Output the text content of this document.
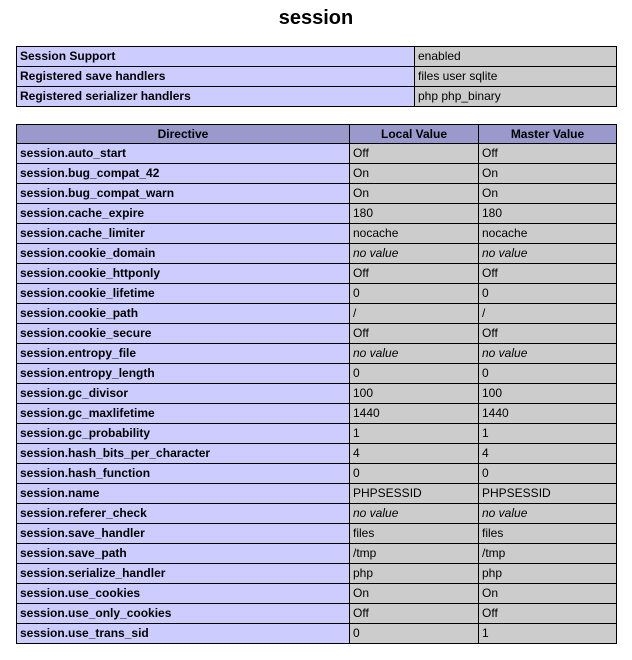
session
Session Support	enabled
Registered save handlers	files user sqlite
Registered serializer handlers	php php_binary
Directive	Local Value	Master Value
session.auto_start	Off	Off
session.bug_compat_42	On	On
session.bug_compat_warn	On	On
session.cache_expire	180	180
session.cache_limiter	nocache	nocache
session.cookie_domain	no value	no value
session.cookie_httponly	Off	Off
session.cookie_lifetime	0	0
session.cookie_path	/	/
session.cookie_secure	Off	Off
session.entropy_file	no value	no value
session.entropy_length	0	0
session.gc_divisor	100	100
session.gc_maxlifetime	1440	1440
session.gc_probability	1	1
session.hash_bits_per_character	4	4
session.hash_function	0	0
session.name	PHPSESSID	PHPSESSID
session.referer_check	no value	no value
session.save_handler	files	files
session.save_path	/tmp	/tmp
session.serialize_handler	php	php
session.use_cookies	On	On
session.use_only_cookies	Off	Off
session.use_trans_sid	0	1
